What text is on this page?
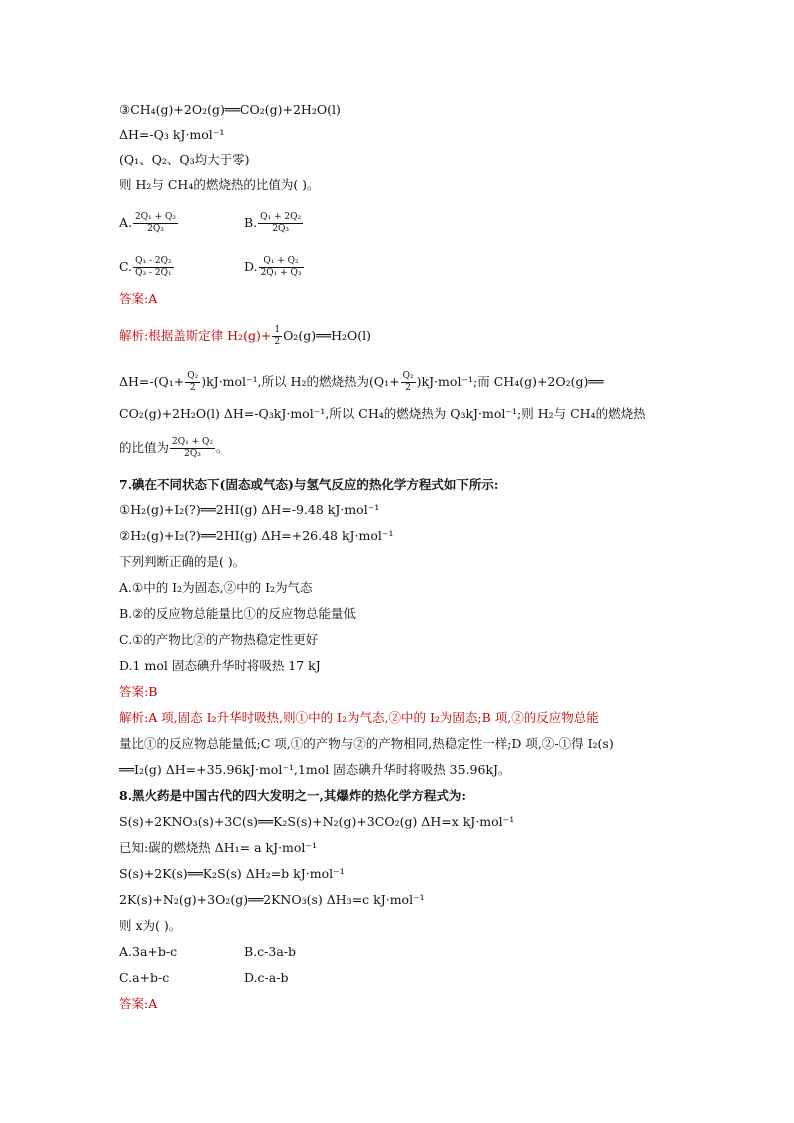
③CH₄(g)+2O₂(g)══CO₂(g)+2H₂O(l)
ΔH=-Q₃ kJ·mol⁻¹
(Q₁、Q₂、Q₃均大于零)
则 H₂与 CH₄的燃烧热的比值为( )。
A. $\frac{\text{2Q₁ + Q₂}}{\text{2Q₃}}$	B. $\frac{\text{Q₁ + 2Q₂}}{\text{2Q₃}}$
C. $\frac{\text{Q₁ - 2Q₂}}{\text{Q₃ - 2Q₁}}$	D. $\frac{\text{Q₁ + Q₂}}{\text{2Q₁ + Q₃}}$
答案:A
解析:根据盖斯定律 $H_2(g)+ \frac{1}{2}$ O₂(g)══H₂O(l)
$\Delta H=-(Q_1+ \frac{\text{Q₂}}{2} )kJ\cdot mol^{-1}$,所以 H₂的燃烧热为$(Q_1+ \frac{\text{Q₂}}{2} )kJ\cdot mol^{-1}$;而 CH₄(g)+2O₂(g)══
CO₂(g)+2H₂O(l) ΔH=-Q₃kJ·mol⁻¹,所以 CH₄的燃烧热为 Q₃kJ·mol⁻¹;则 H₂与 CH₄的燃烧热
的比值为 $\frac{\text{2Q₁ + Q₂}}{\text{2Q₃}}$ 。
7.碘在不同状态下(固态或气态)与氢气反应的热化学方程式如下所示:
①H₂(g)+I₂(?)══2HI(g) ΔH=-9.48 kJ·mol⁻¹
②H₂(g)+I₂(?)══2HI(g) ΔH=+26.48 kJ·mol⁻¹
下列判断正确的是( )。
A.①中的 I₂为固态,②中的 I₂为气态
B.②的反应物总能量比①的反应物总能量低
C.①的产物比②的产物热稳定性更好
D.1 mol 固态碘升华时将吸热 17 kJ
答案:B
解析:A 项,固态 I₂升华时吸热,则①中的 I₂为气态,②中的 I₂为固态;B 项,②的反应物总能
量比①的反应物总能量低;C 项,①的产物与②的产物相同,热稳定性一样;D 项,②-①得 I₂(s)
══I₂(g) ΔH=+35.96kJ·mol⁻¹,1mol 固态碘升华时将吸热 35.96kJ。
8.黑火药是中国古代的四大发明之一,其爆炸的热化学方程式为:
S(s)+2KNO₃(s)+3C(s)══K₂S(s)+N₂(g)+3CO₂(g) ΔH=x kJ·mol⁻¹
已知:碳的燃烧热 ΔH₁= a kJ·mol⁻¹
S(s)+2K(s)══K₂S(s) ΔH₂=b kJ·mol⁻¹
2K(s)+N₂(g)+3O₂(g)══2KNO₃(s) ΔH₃=c kJ·mol⁻¹
则 x为( )。
A.3a+b-c	B.c-3a-b
C.a+b-c	D.c-a-b
答案:A
